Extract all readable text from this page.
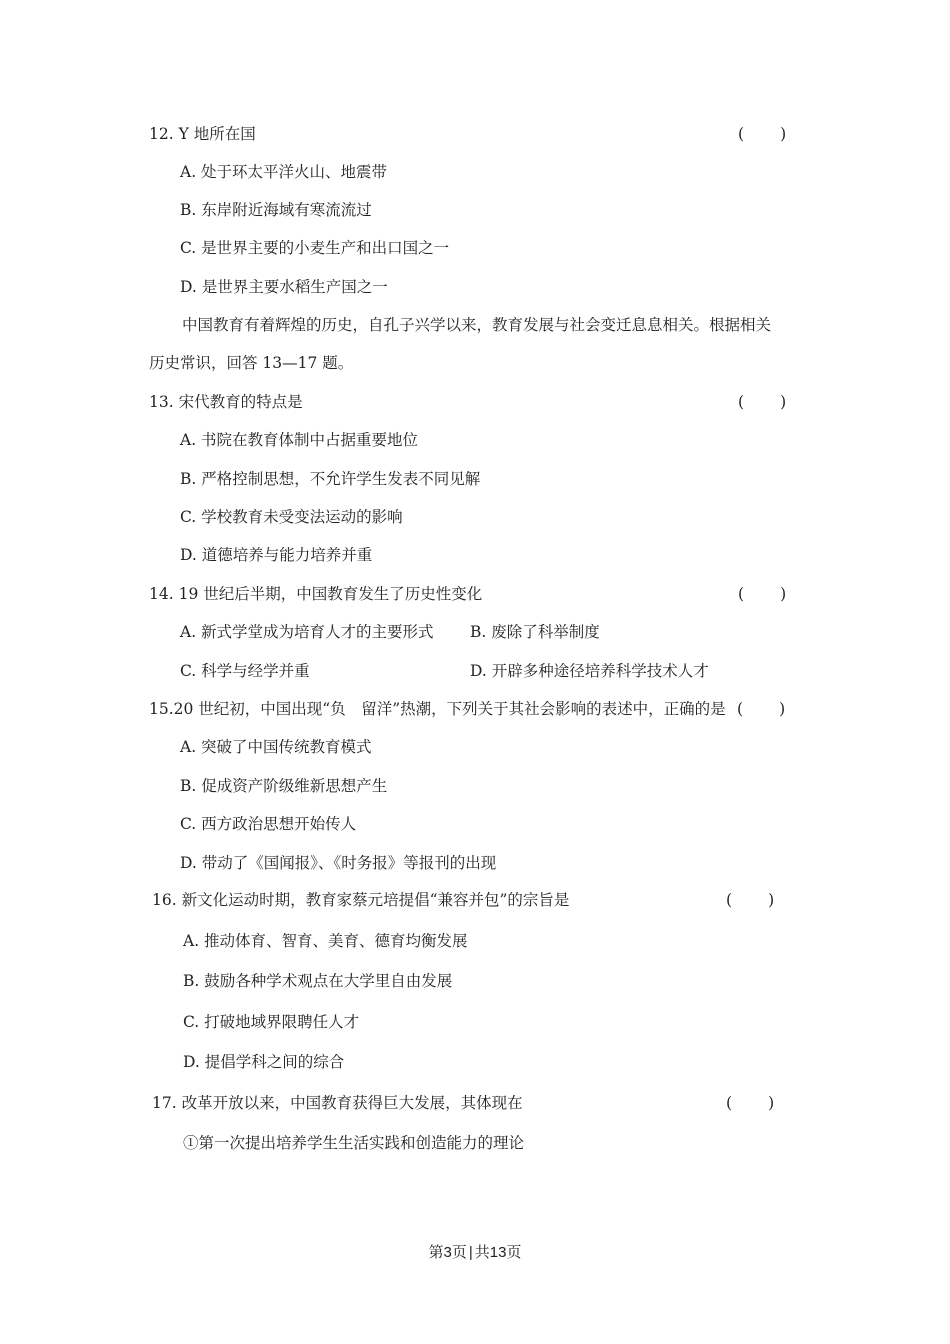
12. Y 地所在国	( )
A. 处于环太平洋火山、地震带
B. 东岸附近海域有寒流流过
C. 是世界主要的小麦生产和出口国之一
D. 是世界主要水稻生产国之一
中国教育有着辉煌的历史，自孔子兴学以来，教育发展与社会变迁息息相关。根据相关
历史常识，回答 13—17 题。
13. 宋代教育的特点是	( )
A. 书院在教育体制中占据重要地位
B. 严格控制思想，不允许学生发表不同见解
C. 学校教育未受变法运动的影响
D. 道德培养与能力培养并重
14. 19 世纪后半期，中国教育发生了历史性变化	( )
A. 新式学堂成为培育人才的主要形式 B. 废除了科举制度
C. 科学与经学并重	D. 开辟多种途径培养科学技术人才
15.20 世纪初，中国出现“负　留洋”热潮，下列关于其社会影响的表述中，正确的是 ( )
A. 突破了中国传统教育模式
B. 促成资产阶级维新思想产生
C. 西方政治思想开始传人
D. 带动了《国闻报》、《时务报》等报刊的出现
16. 新文化运动时期，教育家蔡元培提倡“兼容并包”的宗旨是	( )
A. 推动体育、智育、美育、德育均衡发展
B. 鼓励各种学术观点在大学里自由发展
C. 打破地域界限聘任人才
D. 提倡学科之间的综合
17. 改革开放以来，中国教育获得巨大发展，其体现在	( )
①第一次提出培养学生生活实践和创造能力的理论
第3页 | 共13页
